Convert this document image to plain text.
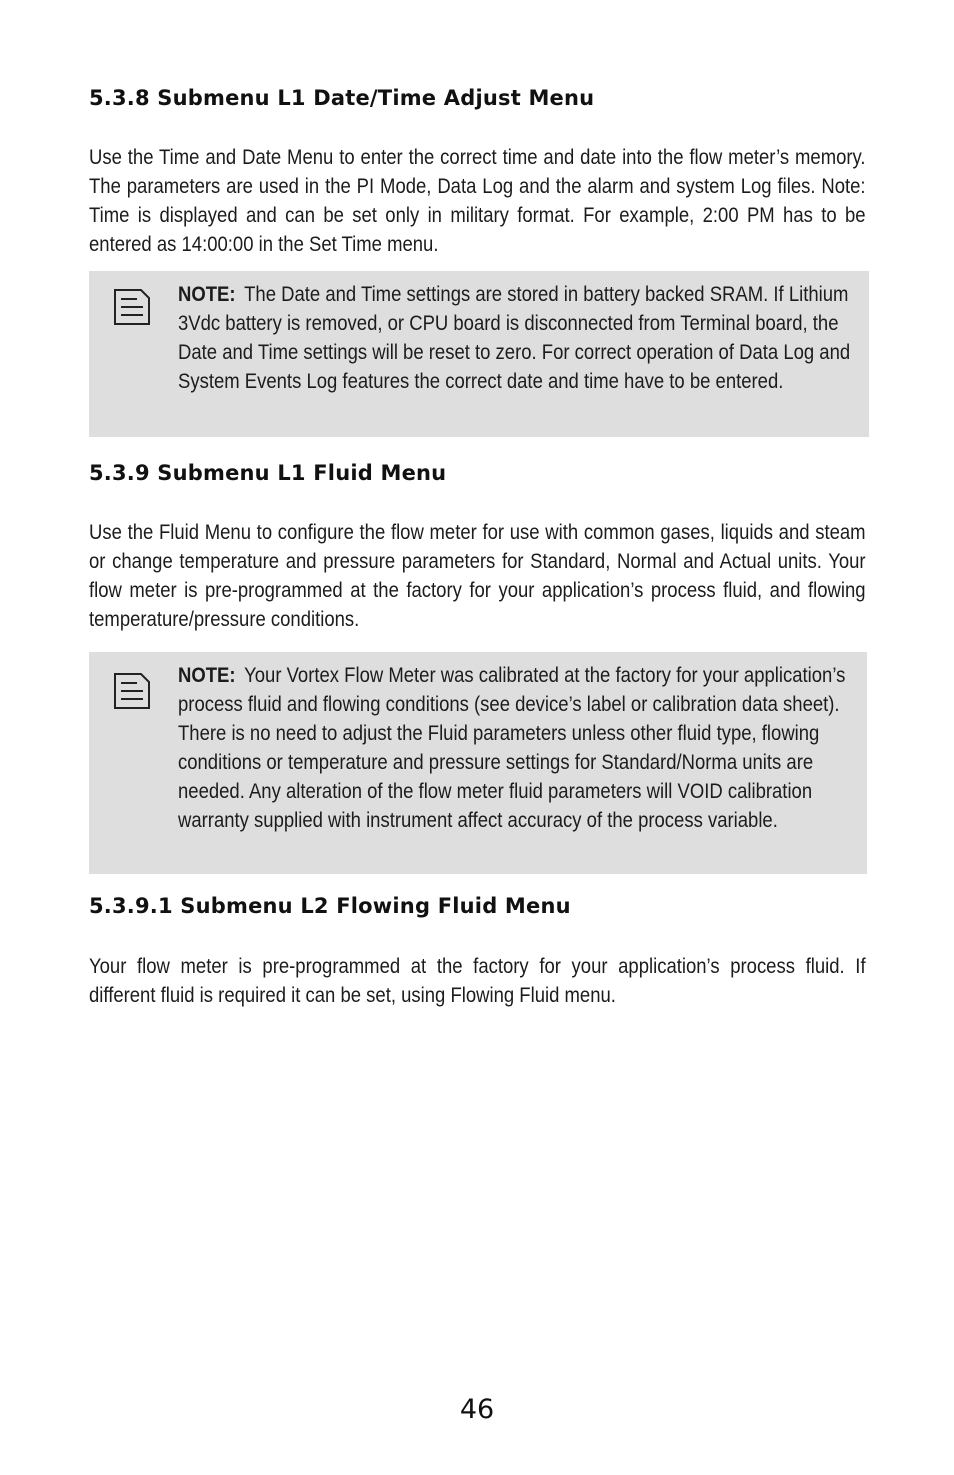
5.3.8 Submenu L1 Date/Time Adjust Menu

Use the Time and Date Menu to enter the correct time and date into the flow meter’s memory. The parameters are used in the PI Mode, Data Log and the alarm and system Log files. Note: Time is displayed and can be set only in military format. For example, 2:00 PM has to be entered as 14:00:00 in the Set Time menu.

NOTE: The Date and Time settings are stored in battery backed SRAM. If Lithium 3Vdc battery is removed, or CPU board is disconnected from Terminal board, the Date and Time settings will be reset to zero. For correct operation of Data Log and System Events Log features the correct date and time have to be entered.
5.3.9 Submenu L1 Fluid Menu

Use the Fluid Menu to configure the flow meter for use with common gases, liquids and steam or change temperature and pressure parameters for Standard, Normal and Actual units. Your flow meter is pre-programmed at the factory for your application’s process fluid, and flowing temperature/pressure conditions.

NOTE: Your Vortex Flow Meter was calibrated at the factory for your application’s process fluid and flowing conditions (see device’s label or calibration data sheet). There is no need to adjust the Fluid parameters unless other fluid type, flowing conditions or temperature and pressure settings for Standard/Norma units are needed. Any alteration of the flow meter fluid parameters will VOID calibration warranty supplied with instrument affect accuracy of the process variable.
5.3.9.1 Submenu L2 Flowing Fluid Menu

Your flow meter is pre-programmed at the factory for your application’s process fluid. If different fluid is required it can be set, using Flowing Fluid menu.

46
